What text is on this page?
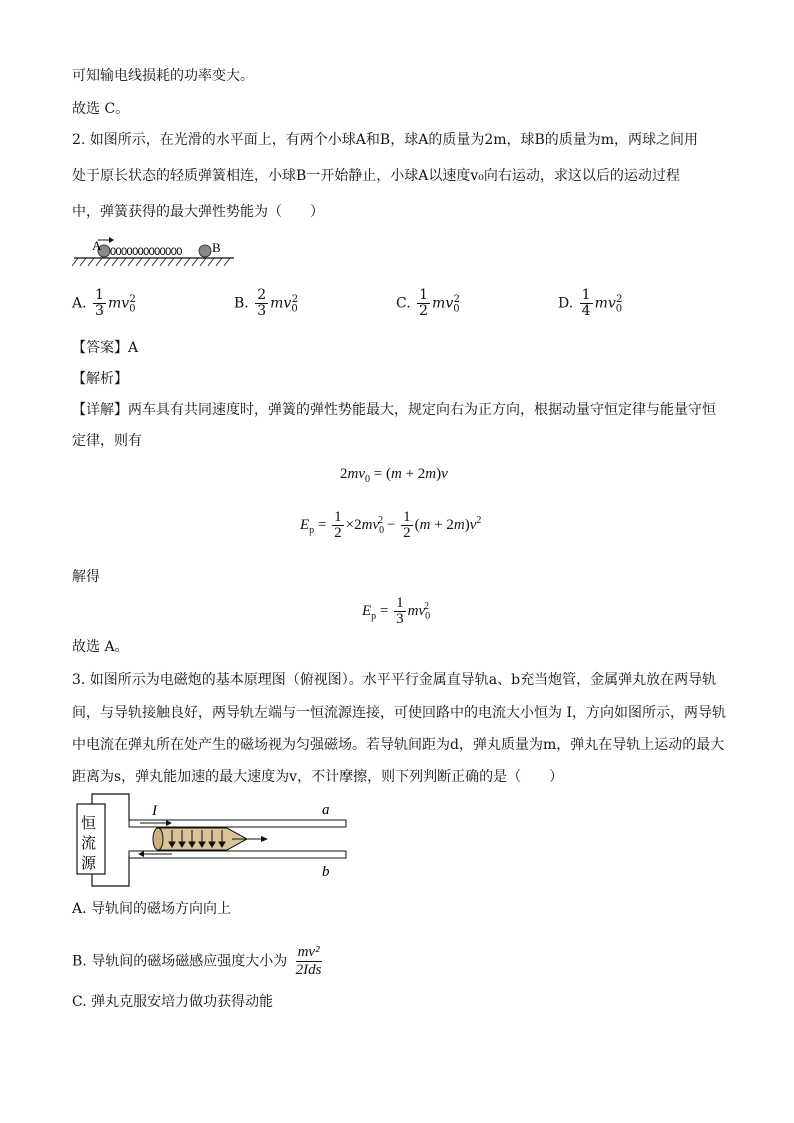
可知输电线损耗的功率变大。
故选 C。
2. 如图所示，在光滑的水平面上，有两个小球A和B，球A的质量为2m，球B的质量为m，两球之间用
处于原长状态的轻质弹簧相连，小球B一开始静止，小球A以速度v₀向右运动，求这以后的运动过程
中，弹簧获得的最大弹性势能为（　　）
A	B
0000000000000
A. $\frac{1}{3} mv_0^2$	B. $\frac{2}{3} mv_0^2$	C. $\frac{1}{2} mv_0^2$	D. $\frac{1}{4} mv_0^2$
【答案】A
【解析】
【详解】两车具有共同速度时，弹簧的弹性势能最大，规定向右为正方向，根据动量守恒定律与能量守恒
定律，则有
$2mv_0 = (m + 2m)v$
$E_p = \frac{1}{2} \times 2mv_0^2 - \frac{1}{2} (m + 2m)v^2$
解得
$E_p = \frac{1}{3} mv_0^2$
故选 A。
3. 如图所示为电磁炮的基本原理图（俯视图）。水平平行金属直导轨a、b充当炮管，金属弹丸放在两导轨
间，与导轨接触良好，两导轨左端与一恒流源连接，可使回路中的电流大小恒为 I，方向如图所示，两导轨
中电流在弹丸所在处产生的磁场视为匀强磁场。若导轨间距为d，弹丸质量为m，弹丸在导轨上运动的最大
距离为s，弹丸能加速的最大速度为v，不计摩擦，则下列判断正确的是（　　）
恒
流
源
I	a
b
A. 导轨间的磁场方向向上
B. 导轨间的磁场磁感应强度大小为 $\frac{\text{mv²}}{\text{2Ids}}$
C. 弹丸克服安培力做功获得动能
